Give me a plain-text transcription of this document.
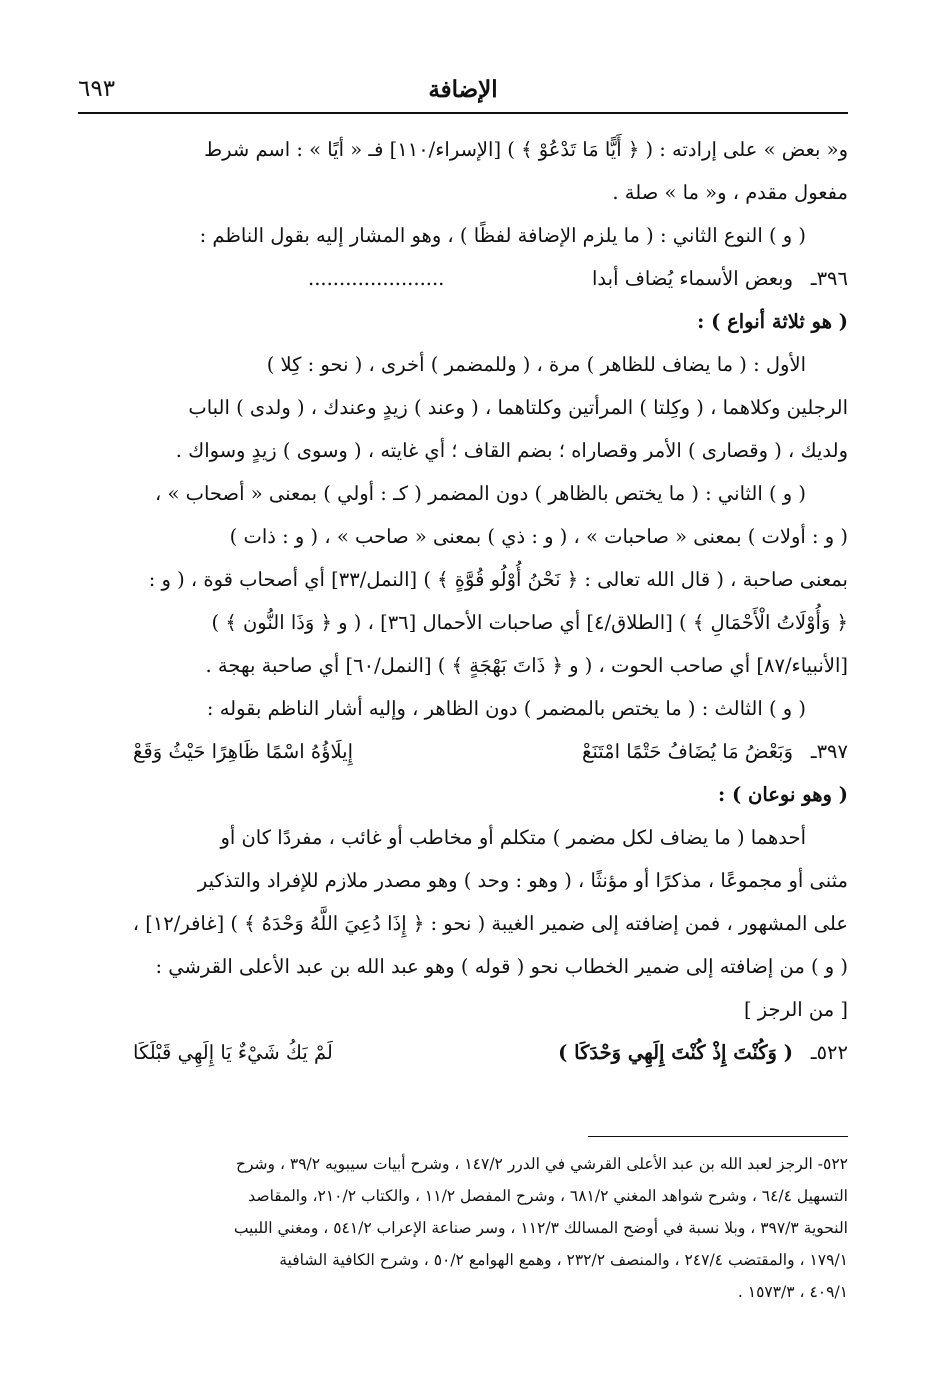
الإضافة
٦٩٣
و« بعض » على إرادته : ( ﴿ أَيًّا مَا تَدْعُوْ ﴾ ) [الإسراء/١١٠] فـ « أيًا » : اسم شرط
مفعول مقدم ، و« ما » صلة .
( و ) النوع الثاني : ( ما يلزم الإضافة لفظًا ) ، وهو المشار إليه بقول الناظم :
٣٩٦ـ
وبعض الأسماء يُضاف أبدا
......................
( هو ثلاثة أنواع ) :
الأول : ( ما يضاف للظاهر ) مرة ، ( وللمضمر ) أخرى ، ( نحو : كِلا )
الرجلين وكلاهما ، ( وكِلتا ) المرأتين وكلتاهما ، ( وعند ) زيدٍ وعندك ، ( ولدى ) الباب
ولديك ، ( وقصارى ) الأمر وقصاراه ؛ بضم القاف ؛ أي غايته ، ( وسوى ) زيدٍ وسواك .
( و ) الثاني : ( ما يختص بالظاهر ) دون المضمر ( كـ : أولي ) بمعنى « أصحاب » ،
( و : أولات ) بمعنى « صاحبات » ، ( و : ذي ) بمعنى « صاحب » ، ( و : ذات )
بمعنى صاحبة ، ( قال الله تعالى : ﴿ نَحْنُ أُوْلُو قُوَّةٍ ﴾ ) [النمل/٣٣] أي أصحاب قوة ، ( و :
﴿ وَأُوْلَاتُ الْأَحْمَالِ ﴾ ) [الطلاق/٤] أي صاحبات الأحمال [٣٦] ، ( و ﴿ وَذَا النُّون ﴾ )
[الأنبياء/٨٧] أي صاحب الحوت ، ( و ﴿ ذَاتَ بَهْجَةٍ ﴾ ) [النمل/٦٠] أي صاحبة بهجة .
( و ) الثالث : ( ما يختص بالمضمر ) دون الظاهر ، وإليه أشار الناظم بقوله :
٣٩٧ـ
وَبَعْضُ مَا يُضَافُ حَتْمًا امْتَنَعْ
إِيلَاؤُهُ اسْمًا ظَاهِرًا حَيْثُ وَقَعْ
( وهو نوعان ) :
أحدهما ( ما يضاف لكل مضمر ) متكلم أو مخاطب أو غائب ، مفردًا كان أو
مثنى أو مجموعًا ، مذكرًا أو مؤنثًا ، ( وهو : وحد ) وهو مصدر ملازم للإفراد والتذكير
على المشهور ، فمن إضافته إلى ضمير الغيبة ( نحو : ﴿ إِذَا دُعِيَ اللَّهُ وَحْدَهُ ﴾ ) [غافر/١٢] ،
( و ) من إضافته إلى ضمير الخطاب نحو ( قوله ) وهو عبد الله بن عبد الأعلى القرشي :
[ من الرجز ]
٥٢٢ـ
( وَكُنْتَ إِذْ كُنْتَ إِلَهِي وَحْدَكَا )
لَمْ يَكُ شَيْءٌ يَا إِلَهِي قَبْلَكَا
٥٢٢- الرجز لعبد الله بن عبد الأعلى القرشي في الدرر ١٤٧/٢ ، وشرح أبيات سيبويه ٣٩/٢ ، وشرح
التسهيل ٦٤/٤ ، وشرح شواهد المغني ٦٨١/٢ ، وشرح المفصل ١١/٢ ، والكتاب ٢١٠/٢، والمقاصد
النحوية ٣٩٧/٣ ، وبلا نسبة في أوضح المسالك ١١٢/٣ ، وسر صناعة الإعراب ٥٤١/٢ ، ومغني اللبيب
١٧٩/١ ، والمقتضب ٢٤٧/٤ ، والمنصف ٢٣٢/٢ ، وهمع الهوامع ٥٠/٢ ، وشرح الكافية الشافية
٤٠٩/١ ، ١٥٧٣/٣ .
